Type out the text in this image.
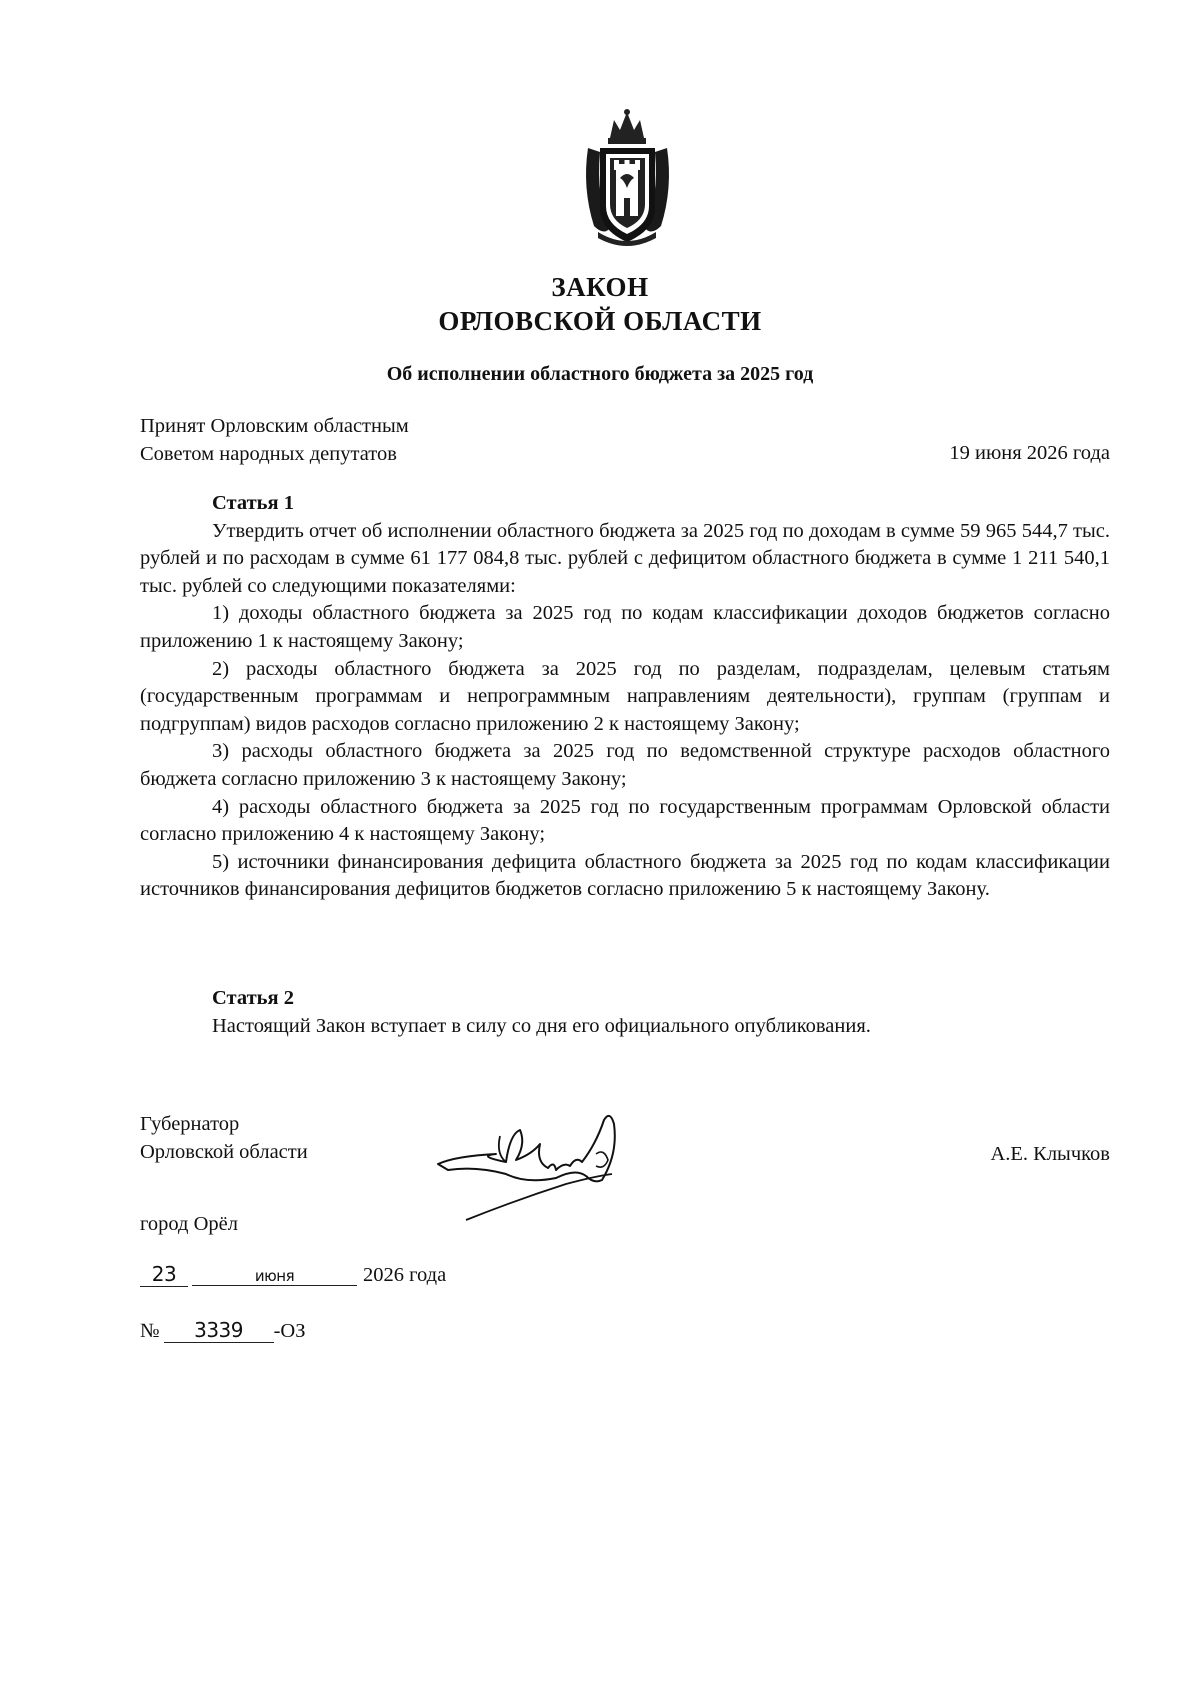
ЗАКОН
ОРЛОВСКОЙ ОБЛАСТИ
Об исполнении областного бюджета за 2025 год
Принят Орловским областным
Советом народных депутатов	19 июня 2026 года
Статья 1

Утвердить отчет об исполнении областного бюджета за 2025 год по доходам в сумме 59 965 544,7 тыс. рублей и по расходам в сумме 61 177 084,8 тыс. рублей с дефицитом областного бюджета в сумме 1 211 540,1 тыс. рублей со следующими показателями:

1) доходы областного бюджета за 2025 год по кодам классификации доходов бюджетов согласно приложению 1 к настоящему Закону;

2) расходы областного бюджета за 2025 год по разделам, подразделам, целевым статьям (государственным программам и непрограммным направлениям деятельности), группам (группам и подгруппам) видов расходов согласно приложению 2 к настоящему Закону;

3) расходы областного бюджета за 2025 год по ведомственной структуре расходов областного бюджета согласно приложению 3 к настоящему Закону;

4) расходы областного бюджета за 2025 год по государственным программам Орловской области согласно приложению 4 к настоящему Закону;

5) источники финансирования дефицита областного бюджета за 2025 год по кодам классификации источников финансирования дефицитов бюджетов согласно приложению 5 к настоящему Закону.

Статья 2

Настоящий Закон вступает в силу со дня его официального опубликования.

Губернатор
Орловской области	А.Е. Клычков
город Орёл
23	июня	2026 года
№ 3339 -ОЗ
